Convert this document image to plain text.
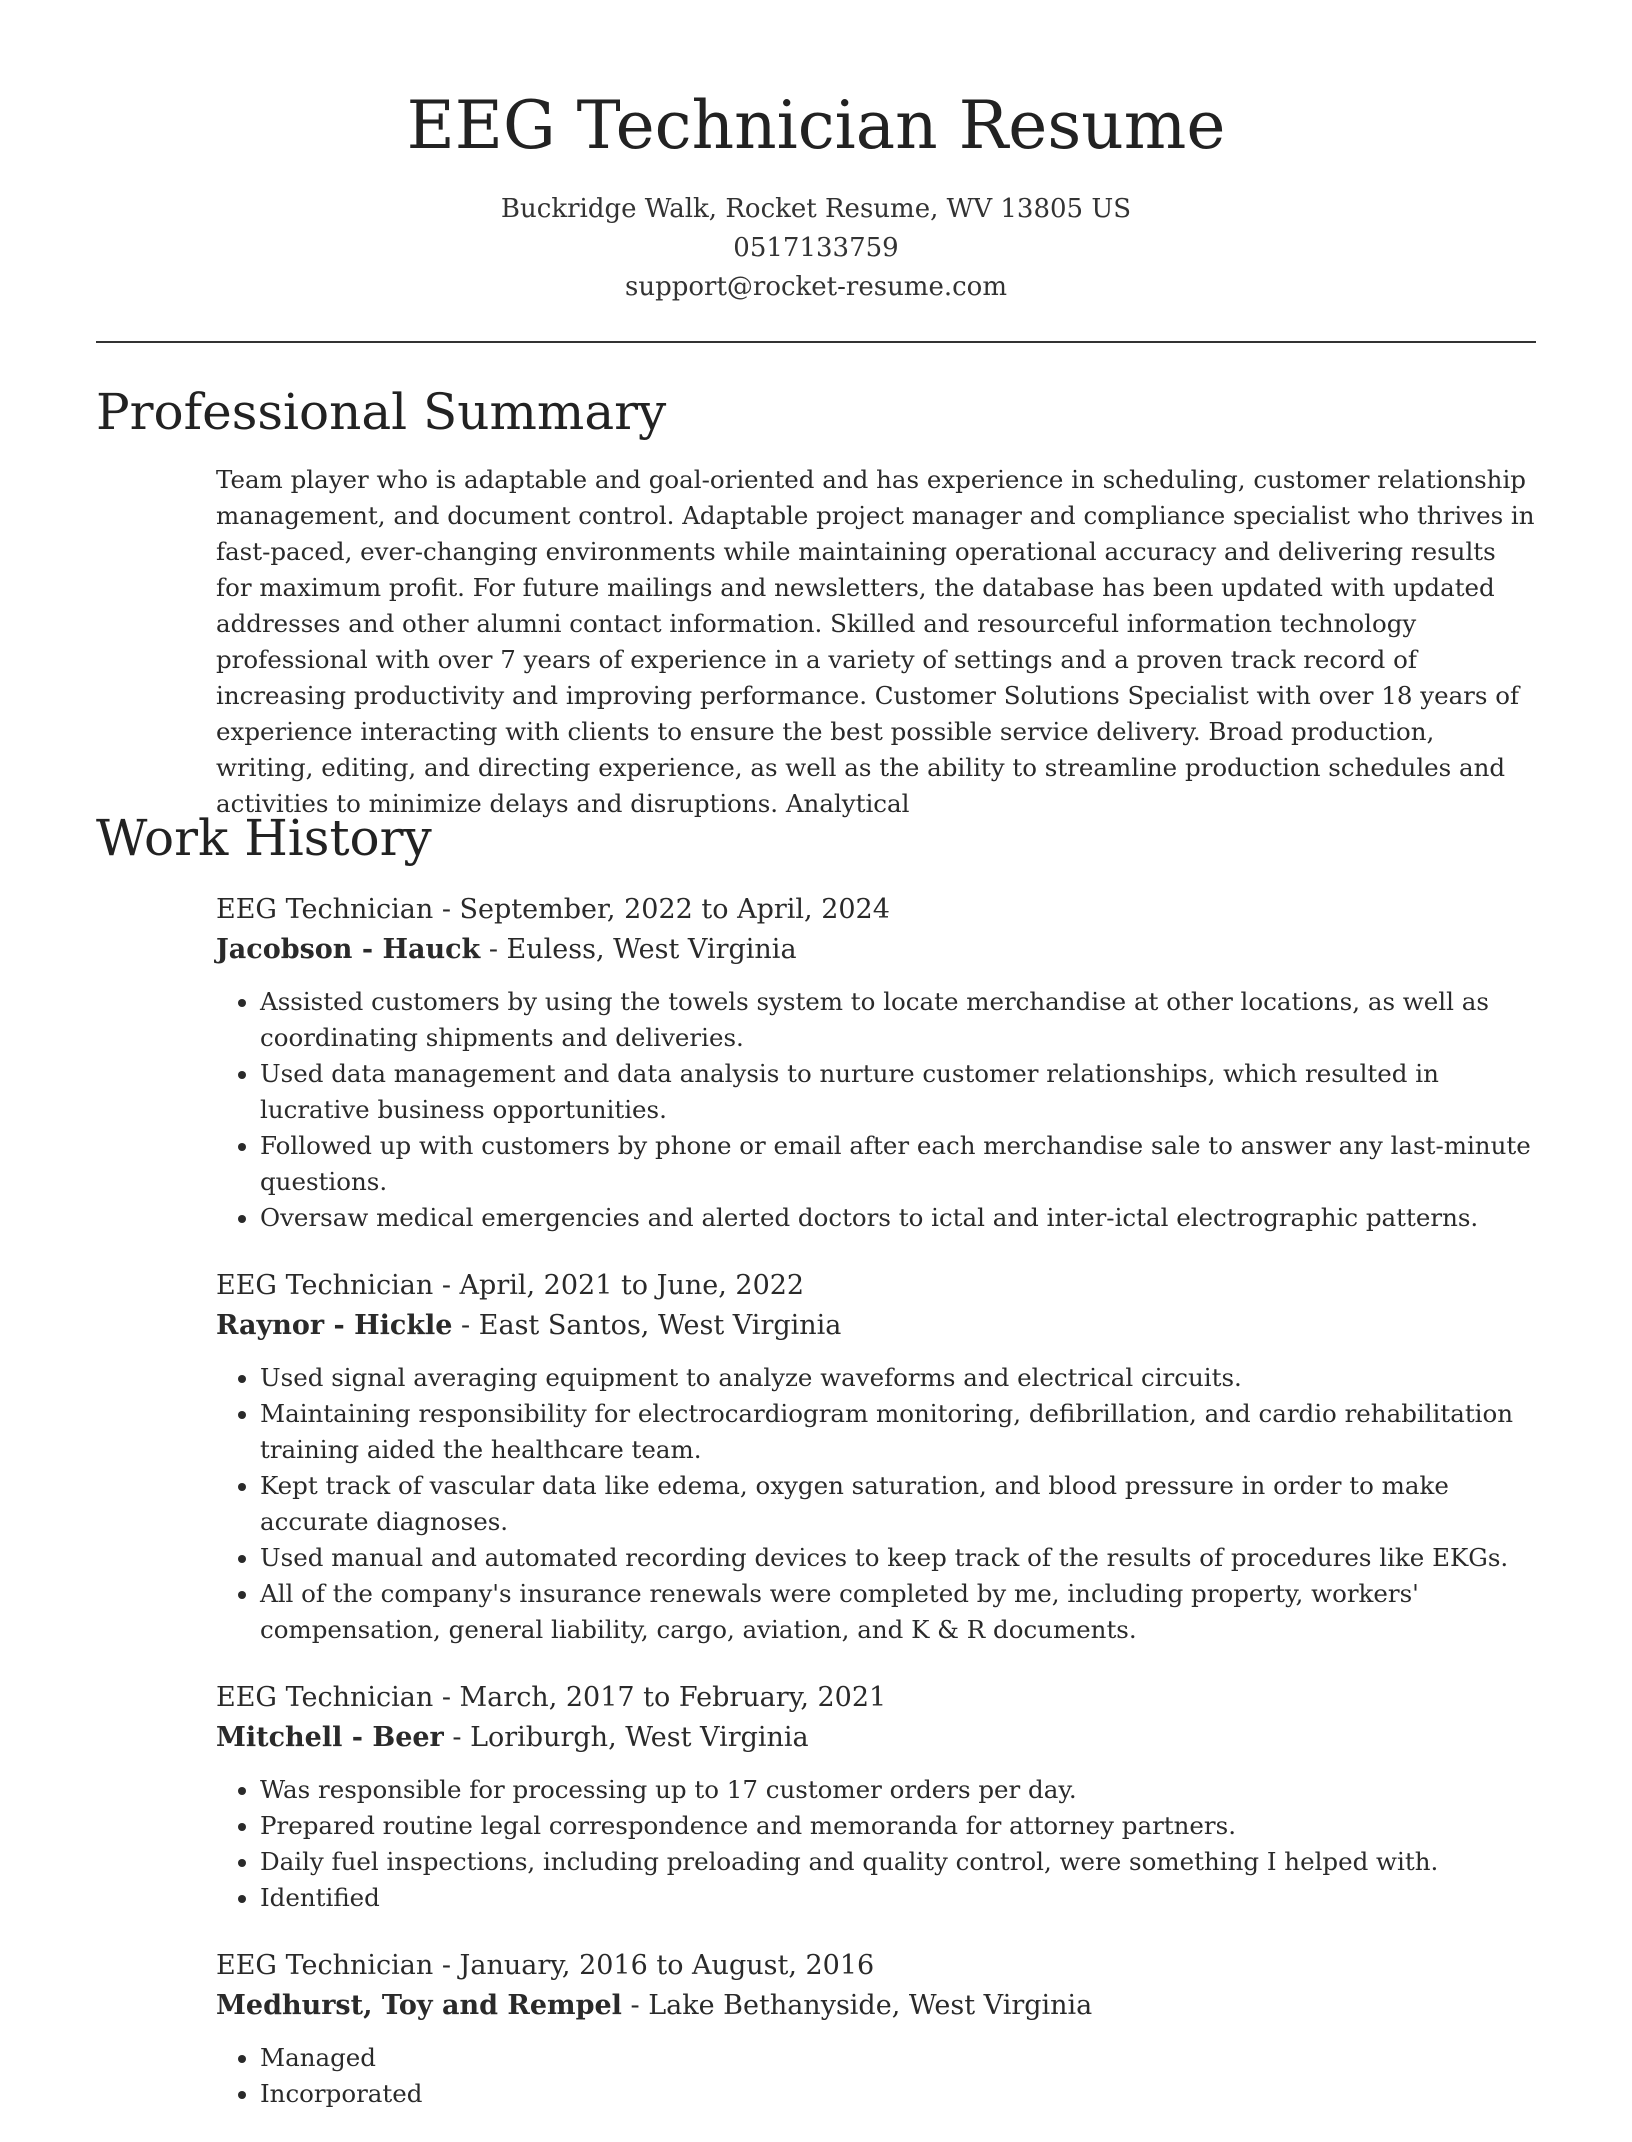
EEG Technician Resume
Buckridge Walk, Rocket Resume, WV 13805 US
0517133759
support@rocket-resume.com
Professional Summary

Team player who is adaptable and goal-oriented and has experience in scheduling, customer relationship management, and document control. Adaptable project manager and compliance specialist who thrives in fast-paced, ever-changing environments while maintaining operational accuracy and delivering results for maximum profit. For future mailings and newsletters, the database has been updated with updated addresses and other alumni contact information. Skilled and resourceful information technology professional with over 7 years of experience in a variety of settings and a proven track record of increasing productivity and improving performance. Customer Solutions Specialist with over 18 years of experience interacting with clients to ensure the best possible service delivery. Broad production, writing, editing, and directing experience, as well as the ability to streamline production schedules and activities to minimize delays and disruptions. Analytical

Work History
EEG Technician - September, 2022 to April, 2024
Jacobson - Hauck - Euless, West Virginia
• Assisted customers by using the towels system to locate merchandise at other locations, as well as coordinating shipments and deliveries.
• Used data management and data analysis to nurture customer relationships, which resulted in lucrative business opportunities.
• Followed up with customers by phone or email after each merchandise sale to answer any last-minute questions.
• Oversaw medical emergencies and alerted doctors to ictal and inter-ictal electrographic patterns.
EEG Technician - April, 2021 to June, 2022
Raynor - Hickle - East Santos, West Virginia
• Used signal averaging equipment to analyze waveforms and electrical circuits.
• Maintaining responsibility for electrocardiogram monitoring, defibrillation, and cardio rehabilitation training aided the healthcare team.
• Kept track of vascular data like edema, oxygen saturation, and blood pressure in order to make accurate diagnoses.
• Used manual and automated recording devices to keep track of the results of procedures like EKGs.
• All of the company's insurance renewals were completed by me, including property, workers' compensation, general liability, cargo, aviation, and K & R documents.
EEG Technician - March, 2017 to February, 2021
Mitchell - Beer - Loriburgh, West Virginia
• Was responsible for processing up to 17 customer orders per day.
• Prepared routine legal correspondence and memoranda for attorney partners.
• Daily fuel inspections, including preloading and quality control, were something I helped with.
• Identified
EEG Technician - January, 2016 to August, 2016
Medhurst, Toy and Rempel - Lake Bethanyside, West Virginia
• Managed
• Incorporated
